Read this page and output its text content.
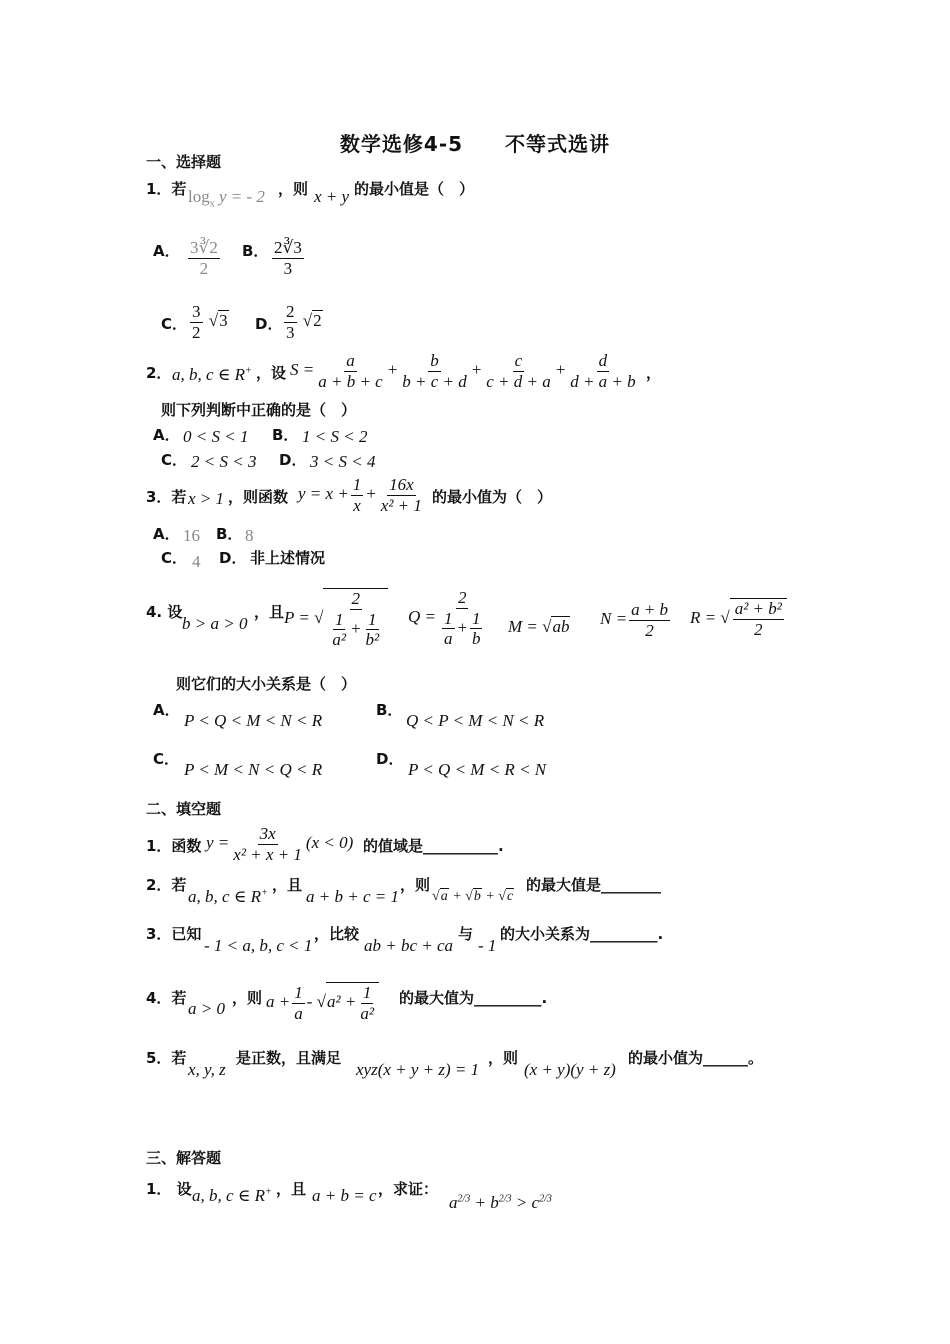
数学选修4-5　　不等式选讲
一、选择题
1．若 $\log_x y$ = - 2 ，则 x + y 的最小值是（　）
A． $\frac{3∛2}{2}$ B． $\frac{2∛3}{3}$
C． $\frac{3}{2} √3$ D． $\frac{2}{3} √2$
2． a, b, c ∈ R+ ，设 $S = \frac{a}{a + b + c} + \frac{b}{b + c + d} + \frac{c}{c + d + a} + \frac{d}{d + a + b}$ ，
则下列判断中正确的是（　）
A． 0 < S < 1 B． 1 < S < 2
C． 2 < S < 3 D． 3 < S < 4
3．若 x > 1 ，则函数 $y = x + \frac{1}{x} + \frac{16x}{\text{x² + 1}}$ 的最小值为（　）
A． 16 B． 8
C． 4 D． 非上述情况
4. 设
b > a > 0
，且 P = √ $\frac{2}{\frac{1}{\text{a²}} + \frac{1}{\text{b²}}}$ $Q = \frac{2}{\frac{1}{a} + \frac{1}{b}}$ M = √ab $N = \frac{a + b}{2}$ R = √ $\frac{\text{a² + b²}}{2}$
则它们的大小关系是（　）
A．
P < Q < M < N < R
B．
Q < P < M < N < R
C．
P < M < N < Q < R
D．
P < Q < M < R < N
二、填空题
1．函数 $y = \frac{3x}{\text{x² + x + 1}} (x < 0)$ 的值域是__________.
2．若
a, b, c ∈ R+ ，且
a + b + c = 1
，则
√a + √b + √c
的最大值是________
3．已知
- 1 < a, b, c < 1
，比较
ab + bc + ca
与
- 1
的大小关系为_________.
4．若
a > 0
，则 $a + \frac{1}{a} - √a^2 + \frac{1}{\text{a²}}$ 的最大值为_________.
5．若
x, y, z
是正数，且满足
xyz(x + y + z) = 1
，则
(x + y)(y + z)
的最小值为______。
三、解答题
1． 设 a, b, c ∈ R+ ，且 a + b = c ，求证：
$a^{2/3} + b^{2/3} > c^{2/3}$
